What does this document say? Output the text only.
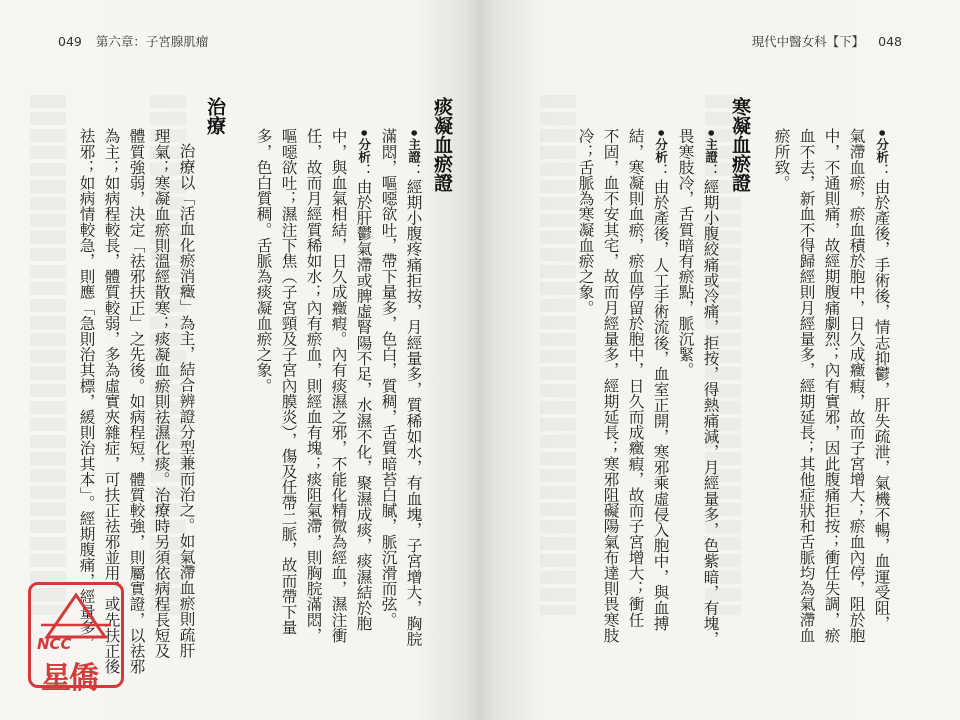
049 第六章：子宮腺肌瘤
痰凝血瘀證
•主證：經期小腹疼痛拒按，月經量多，質稀如水，有血塊，子宮增大，胸脘
滿悶，嘔噁欲吐，帶下量多，色白，質稠，舌質暗苔白膩，脈沉滑而弦。
•分析：由於肝鬱氣滯或脾虛腎陽不足，水濕不化，聚濕成痰，痰濕結於胞
中，與血氣相結，日久成癥瘕。內有痰濕之邪，不能化精微為經血，濕注衝
任，故而月經質稀如水；內有瘀血，則經血有塊；痰阻氣滯，則胸脘滿悶，
嘔噁欲吐；濕注下焦（子宮頸及子宮內膜炎），傷及任帶二脈，故而帶下量
多，色白質稠。舌脈為痰凝血瘀之象。
治療
治療以「活血化瘀消癥」為主，結合辨證分型兼而治之。如氣滯血瘀則疏肝
理氣；寒凝血瘀則溫經散寒；痰凝血瘀則祛濕化痰。治療時另須依病程長短及
體質強弱，決定「祛邪扶正」之先後。如病程短，體質較強，則屬實證，以祛邪
為主；如病程較長，體質較弱，多為虛實夾雜症，可扶正祛邪並用，或先扶正後
祛邪；如病情較急，則應「急則治其標，緩則治其本」。經期腹痛，經量多，
現代中醫女科【下】 048
•分析：由於產後，手術後，情志抑鬱，肝失疏泄，氣機不暢，血運受阻，
氣滯血瘀，瘀血積於胞中，日久成癥瘕，故而子宮增大；瘀血內停，阻於胞
中，不通則痛，故經期腹痛劇烈；內有實邪，因此腹痛拒按；衝任失調，瘀
血不去，新血不得歸經則月經量多，經期延長；其他症狀和舌脈均為氣滯血
瘀所致。
寒凝血瘀證
•主證：經期小腹絞痛或冷痛，拒按，得熱痛減，月經量多，色紫暗，有塊，
畏寒肢冷，舌質暗有瘀點，脈沉緊。
•分析：由於產後，人工手術流後，血室正開，寒邪乘虛侵入胞中，與血搏
結，寒凝則血瘀，瘀血停留於胞中，日久而成癥瘕，故而子宮增大；衝任
不固，血不安其宅，故而月經量多，經期延長；寒邪阻礙陽氣布達則畏寒肢
冷；舌脈為寒凝血瘀之象。
NCC
星僑
